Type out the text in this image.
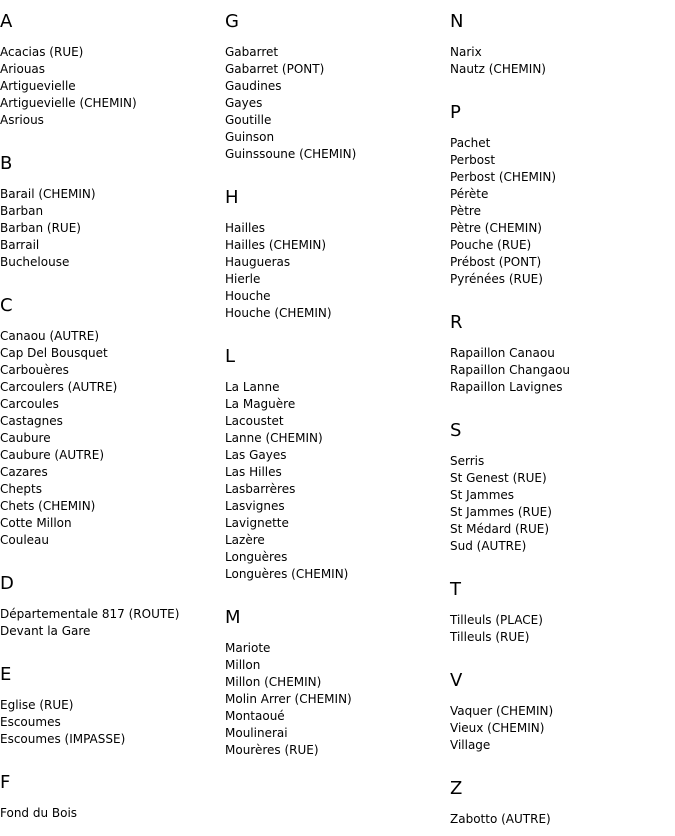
A
Acacias (RUE)
Ariouas
Artiguevielle
Artiguevielle (CHEMIN)
Asrious
B
Barail (CHEMIN)
Barban
Barban (RUE)
Barrail
Buchelouse
C
Canaou (AUTRE)
Cap Del Bousquet
Carbouères
Carcoulers (AUTRE)
Carcoules
Castagnes
Caubure
Caubure (AUTRE)
Cazares
Chepts
Chets (CHEMIN)
Cotte Millon
Couleau
D
Départementale 817 (ROUTE)
Devant la Gare
E
Eglise (RUE)
Escoumes
Escoumes (IMPASSE)
F
Fond du Bois
G
Gabarret
Gabarret (PONT)
Gaudines
Gayes
Goutille
Guinson
Guinssoune (CHEMIN)
H
Hailles
Hailles (CHEMIN)
Haugueras
Hierle
Houche
Houche (CHEMIN)
L
La Lanne
La Maguère
Lacoustet
Lanne (CHEMIN)
Las Gayes
Las Hilles
Lasbarrères
Lasvignes
Lavignette
Lazère
Longuères
Longuères (CHEMIN)
M
Mariote
Millon
Millon (CHEMIN)
Molin Arrer (CHEMIN)
Montaoué
Moulinerai
Mourères (RUE)
N
Narix
Nautz (CHEMIN)
P
Pachet
Perbost
Perbost (CHEMIN)
Pérète
Pètre
Pètre (CHEMIN)
Pouche (RUE)
Prébost (PONT)
Pyrénées (RUE)
R
Rapaillon Canaou
Rapaillon Changaou
Rapaillon Lavignes
S
Serris
St Genest (RUE)
St Jammes
St Jammes (RUE)
St Médard (RUE)
Sud (AUTRE)
T
Tilleuls (PLACE)
Tilleuls (RUE)
V
Vaquer (CHEMIN)
Vieux (CHEMIN)
Village
Z
Zabotto (AUTRE)
